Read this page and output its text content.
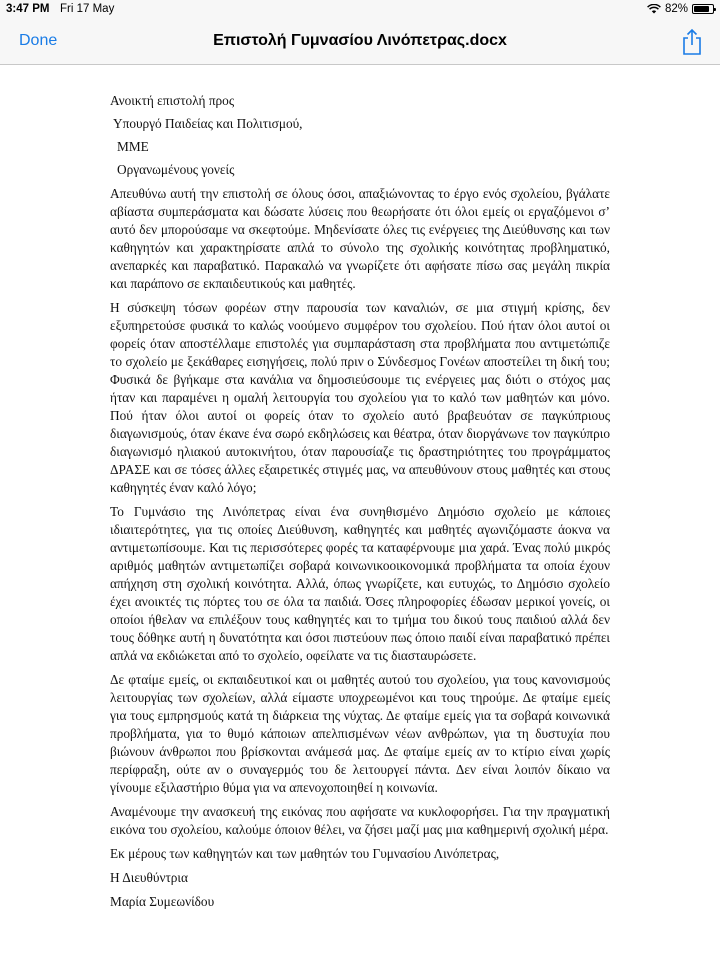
3:47 PM Fri 17 May	82%
Done	Επιστολή Γυμνασίου Λινόπετρας.docx

Ανοικτή επιστολή προς

Υπουργό Παιδείας και Πολιτισμού,

ΜΜΕ

Οργανωμένους γονείς

Απευθύνω αυτή την επιστολή σε όλους όσοι, απαξιώνοντας το έργο ενός σχολείου, βγάλατε αβίαστα συμπεράσματα και δώσατε λύσεις που θεωρήσατε ότι όλοι εμείς οι εργαζόμενοι σ’ αυτό δεν μπορούσαμε να σκεφτούμε. Μηδενίσατε όλες τις ενέργειες της Διεύθυνσης και των καθηγητών και χαρακτηρίσατε απλά το σύνολο της σχολικής κοινότητας προβληματικό, ανεπαρκές και παραβατικό. Παρακαλώ να γνωρίζετε ότι αφήσατε πίσω σας μεγάλη πικρία και παράπονο σε εκπαιδευτικούς και μαθητές.

Η σύσκεψη τόσων φορέων στην παρουσία των καναλιών, σε μια στιγμή κρίσης, δεν εξυπηρετούσε φυσικά το καλώς νοούμενο συμφέρον του σχολείου. Πού ήταν όλοι αυτοί οι φορείς όταν αποστέλλαμε επιστολές για συμπαράσταση στα προβλήματα που αντιμετώπιζε το σχολείο με ξεκάθαρες εισηγήσεις, πολύ πριν ο Σύνδεσμος Γονέων αποστείλει τη δική του; Φυσικά δε βγήκαμε στα κανάλια να δημοσιεύσουμε τις ενέργειες μας διότι ο στόχος μας ήταν και παραμένει η ομαλή λειτουργία του σχολείου για το καλό των μαθητών και μόνο. Πού ήταν όλοι αυτοί οι φορείς όταν το σχολείο αυτό βραβευόταν σε παγκύπριους διαγωνισμούς, όταν έκανε ένα σωρό εκδηλώσεις και θέατρα, όταν διοργάνωνε τον παγκύπριο διαγωνισμό ηλιακού αυτοκινήτου, όταν παρουσίαζε τις δραστηριότητες του προγράμματος ΔΡΑΣΕ και σε τόσες άλλες εξαιρετικές στιγμές μας, να απευθύνουν στους μαθητές και στους καθηγητές έναν καλό λόγο;

Το Γυμνάσιο της Λινόπετρας είναι ένα συνηθισμένο Δημόσιο σχολείο με κάποιες ιδιαιτερότητες, για τις οποίες Διεύθυνση, καθηγητές και μαθητές αγωνιζόμαστε άοκνα να αντιμετωπίσουμε. Και τις περισσότερες φορές τα καταφέρνουμε μια χαρά. Ένας πολύ μικρός αριθμός μαθητών αντιμετωπίζει σοβαρά κοινωνικοοικονομικά προβλήματα τα οποία έχουν απήχηση στη σχολική κοινότητα. Αλλά, όπως γνωρίζετε, και ευτυχώς, το Δημόσιο σχολείο έχει ανοικτές τις πόρτες του σε όλα τα παιδιά. Όσες πληροφορίες έδωσαν μερικοί γονείς, οι οποίοι ήθελαν να επιλέξουν τους καθηγητές και το τμήμα του δικού τους παιδιού αλλά δεν τους δόθηκε αυτή η δυνατότητα και όσοι πιστεύουν πως όποιο παιδί είναι παραβατικό πρέπει απλά να εκδιώκεται από το σχολείο, οφείλατε να τις διασταυρώσετε.

Δε φταίμε εμείς, οι εκπαιδευτικοί και οι μαθητές αυτού του σχολείου, για τους κανονισμούς λειτουργίας των σχολείων, αλλά είμαστε υποχρεωμένοι και τους τηρούμε. Δε φταίμε εμείς για τους εμπρησμούς κατά τη διάρκεια της νύχτας. Δε φταίμε εμείς για τα σοβαρά κοινωνικά προβλήματα, για το θυμό κάποιων απελπισμένων νέων ανθρώπων, για τη δυστυχία που βιώνουν άνθρωποι που βρίσκονται ανάμεσά μας. Δε φταίμε εμείς αν το κτίριο είναι χωρίς περίφραξη, ούτε αν ο συναγερμός του δε λειτουργεί πάντα. Δεν είναι λοιπόν δίκαιο να γίνουμε εξιλαστήριο θύμα για να απενοχοποιηθεί η κοινωνία.

Αναμένουμε την ανασκευή της εικόνας που αφήσατε να κυκλοφορήσει. Για την πραγματική εικόνα του σχολείου, καλούμε όποιον θέλει, να ζήσει μαζί μας μια καθημερινή σχολική μέρα.

Εκ μέρους των καθηγητών και των μαθητών του Γυμνασίου Λινόπετρας,

Η Διευθύντρια

Μαρία Συμεωνίδου
